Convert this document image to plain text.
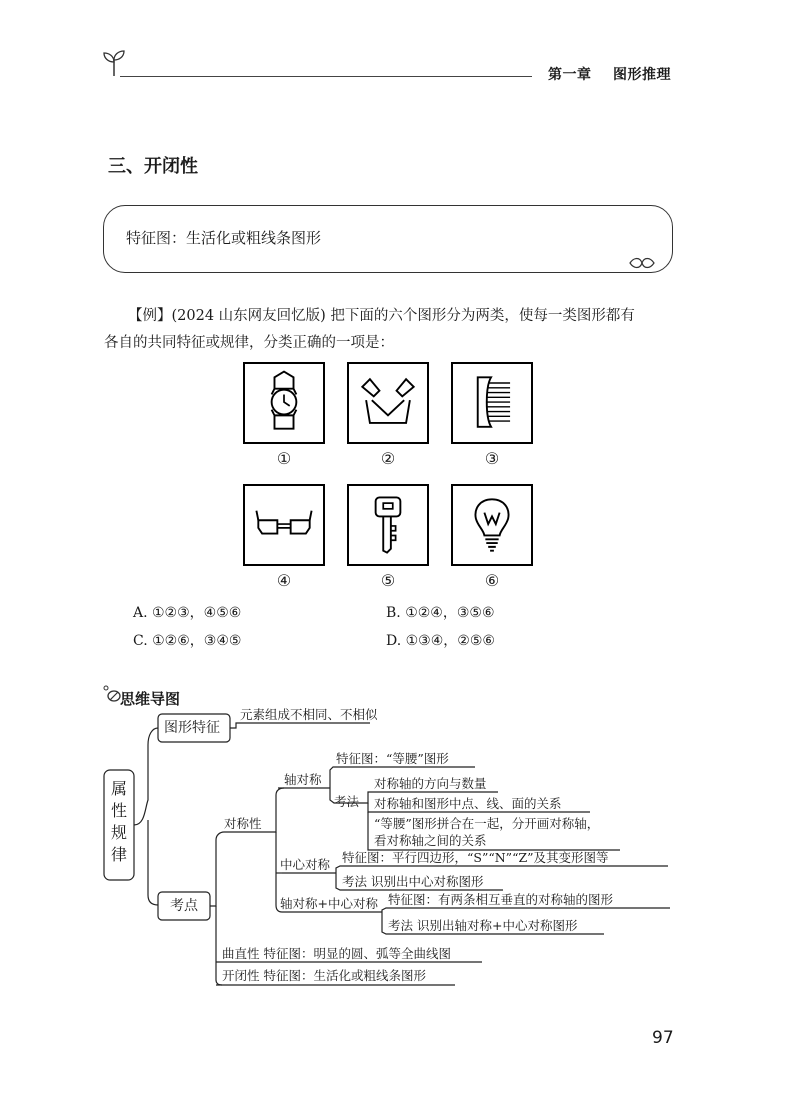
第一章    图形推理
三、开闭性
特征图：生活化或粗线条图形
【例】(2024 山东网友回忆版) 把下面的六个图形分为两类，使每一类图形都有
各自的共同特征或规律，分类正确的一项是：
①	②	③
④	⑤	⑥
A. ①②③，④⑤⑥	B. ①②④，③⑤⑥
C. ①②⑥，③④⑤	D. ①③④，②⑤⑥
思维导图
属
性
规
律
图形特征
元素组成不相同、不相似
考点
对称性
轴对称
特征图：“等腰”图形
考法
对称轴的方向与数量
对称轴和图形中点、线、面的关系
“等腰”图形拼合在一起，分开画对称轴，
看对称轴之间的关系
中心对称 特征图：平行四边形，“S”“N”“Z”及其变形图等
考法 识别出中心对称图形
轴对称+中心对称 特征图：有两条相互垂直的对称轴的图形
考法 识别出轴对称+中心对称图形
曲直性 特征图：明显的圆、弧等全曲线图
开闭性 特征图：生活化或粗线条图形
97
